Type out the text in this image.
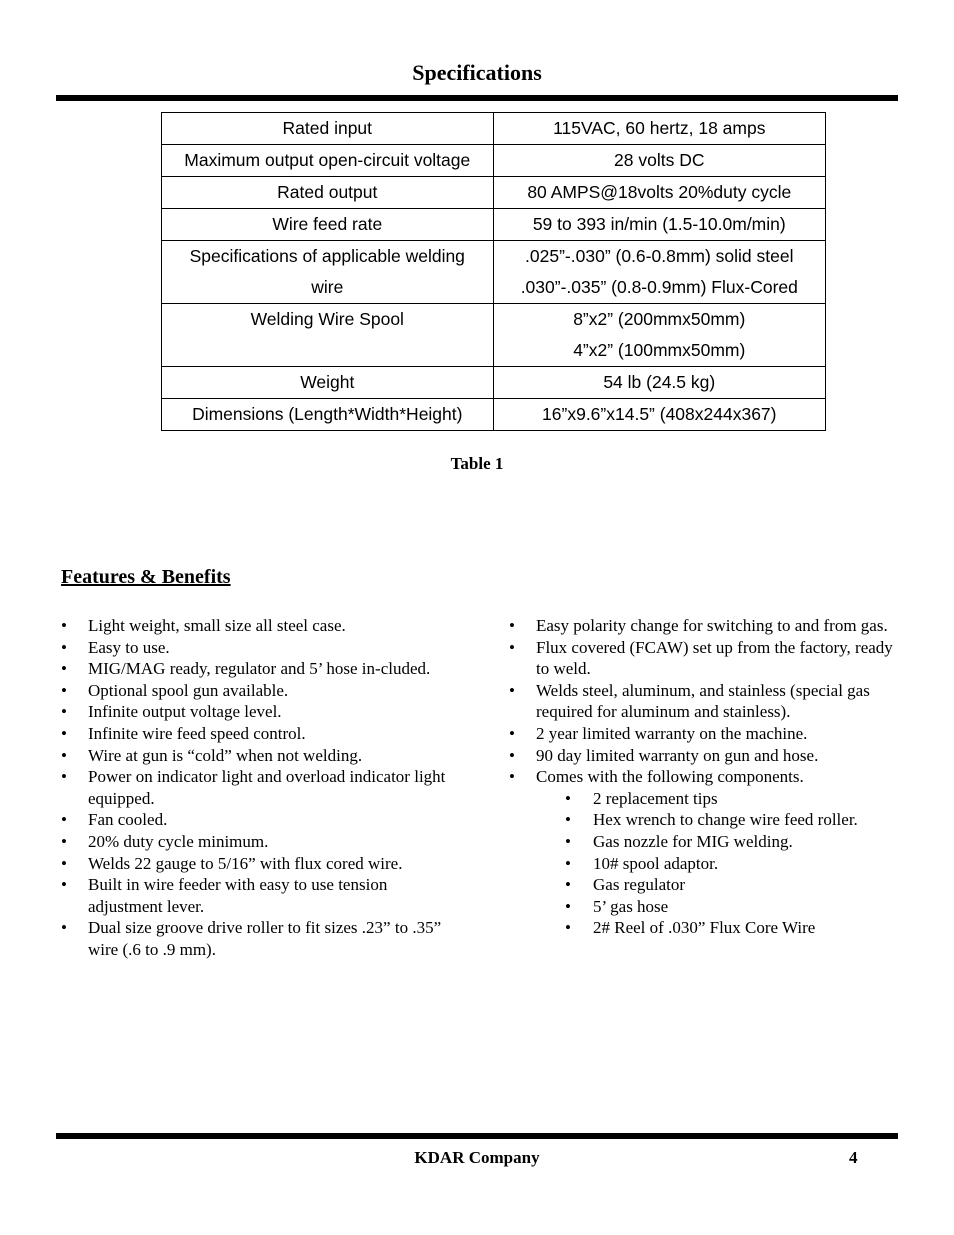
Specifications
Rated input	115VAC, 60 hertz, 18 amps

Maximum output open-circuit voltage	28 volts DC

Rated output	80 AMPS@18volts 20%duty cycle

Wire feed rate	59 to 393 in/min (1.5-10.0m/min)

Specifications of applicable welding
wire	.025”-.030” (0.6-0.8mm) solid steel
.030”-.035” (0.8-0.9mm) Flux-Cored

Welding Wire Spool	8”x2” (200mmx50mm)
4”x2” (100mmx50mm)

Weight	54 lb (24.5 kg)

Dimensions (Length*Width*Height)	16”x9.6”x14.5” (408x244x367)
Table 1
Features & Benefits
• Light weight, small size all steel case.
• Easy to use.
• MIG/MAG ready, regulator and 5’ hose in-cluded.
• Optional spool gun available.
• Infinite output voltage level.
• Infinite wire feed speed control.
• Wire at gun is “cold” when not welding.
• Power on indicator light and overload indicator light equipped.
• Fan cooled.
• 20% duty cycle minimum.
• Welds 22 gauge to 5/16” with flux cored wire.
• Built in wire feeder with easy to use tension adjustment lever.
• Dual size groove drive roller to fit sizes .23” to .35” wire (.6 to .9 mm).
• Easy polarity change for switching to and from gas.
• Flux covered (FCAW) set up from the factory, ready to weld.
• Welds steel, aluminum, and stainless (special gas required for aluminum and stainless).
• 2 year limited warranty on the machine.
• 90 day limited warranty on gun and hose.
• Comes with the following components.
• 2 replacement tips
• Hex wrench to change wire feed roller.
• Gas nozzle for MIG welding.
• 10# spool adaptor.
• Gas regulator
• 5’ gas hose
• 2# Reel of .030” Flux Core Wire
KDAR Company	4
